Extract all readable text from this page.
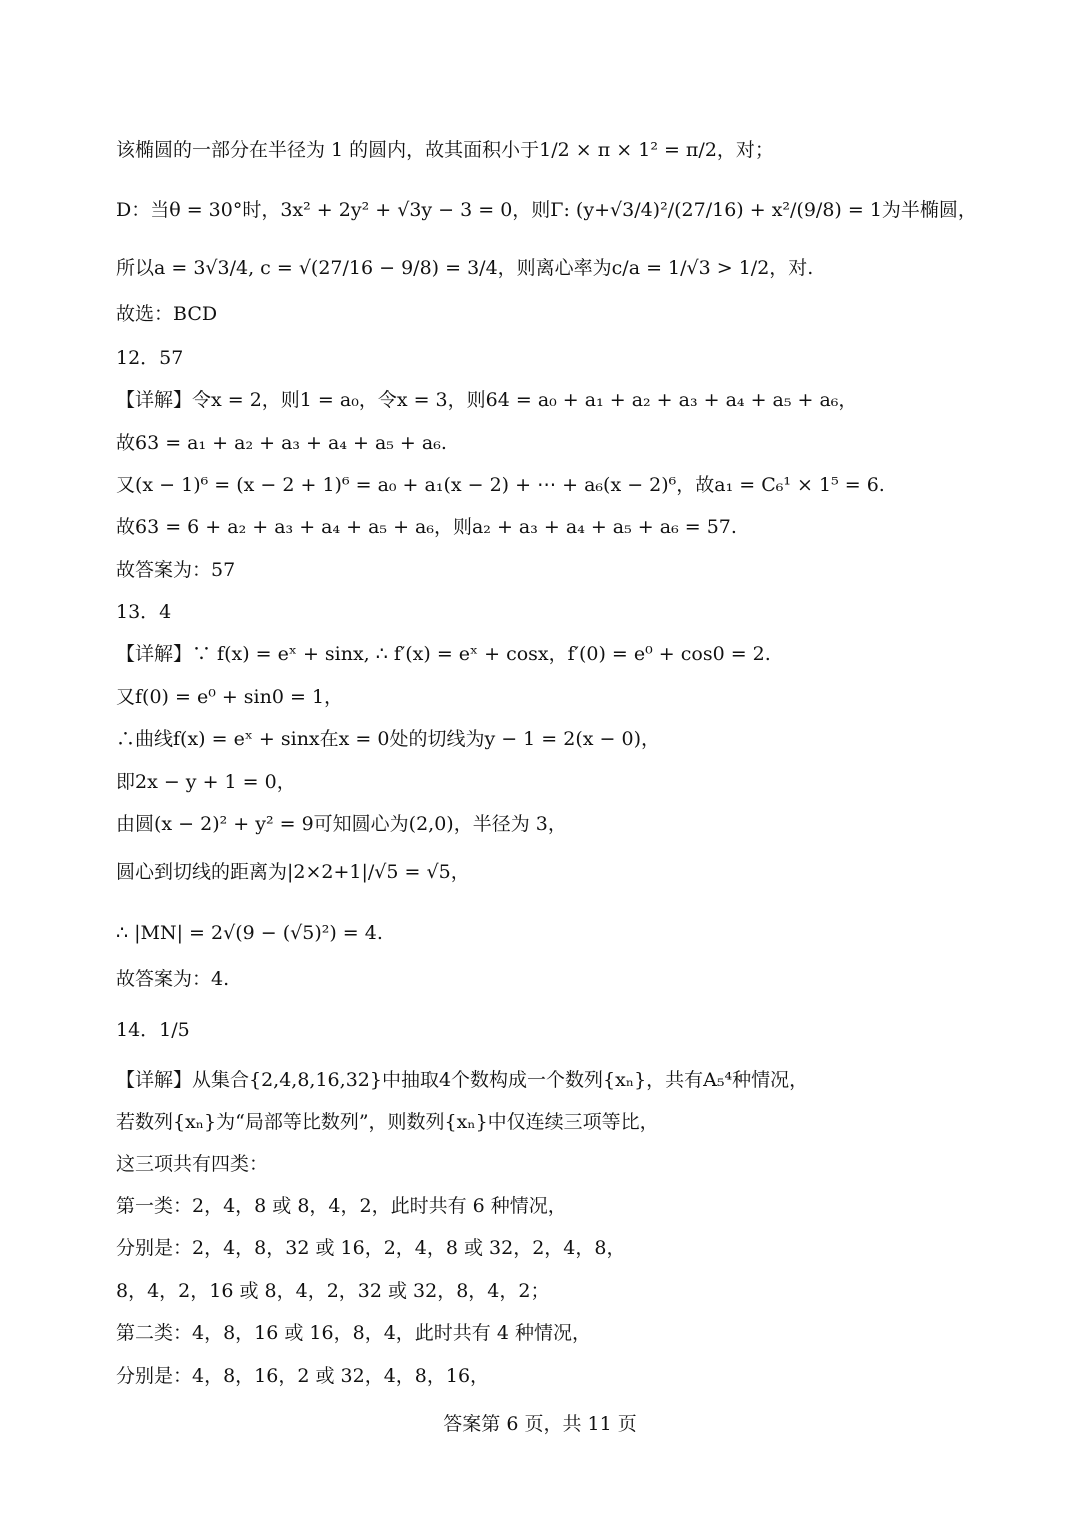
该椭圆的一部分在半径为 1 的圆内，故其面积小于1/2 × π × 1² = π/2，对；
D：当θ = 30°时，3x² + 2y² + √3y − 3 = 0，则Γ: (y+√3/4)²/(27/16) + x²/(9/8) = 1为半椭圆，
所以a = 3√3/4, c = √(27/16 − 9/8) = 3/4，则离心率为c/a = 1/√3 > 1/2，对.
故选：BCD
12．57
【详解】令x = 2，则1 = a₀，令x = 3，则64 = a₀ + a₁ + a₂ + a₃ + a₄ + a₅ + a₆，
故63 = a₁ + a₂ + a₃ + a₄ + a₅ + a₆.
又(x − 1)⁶ = (x − 2 + 1)⁶ = a₀ + a₁(x − 2) + ⋯ + a₆(x − 2)⁶，故a₁ = C₆¹ × 1⁵ = 6.
故63 = 6 + a₂ + a₃ + a₄ + a₅ + a₆，则a₂ + a₃ + a₄ + a₅ + a₆ = 57.
故答案为：57
13．4
【详解】∵ f(x) = eˣ + sinx, ∴ f′(x) = eˣ + cosx，f′(0) = e⁰ + cos0 = 2.
又f(0) = e⁰ + sin0 = 1，
∴曲线f(x) = eˣ + sinx在x = 0处的切线为y − 1 = 2(x − 0)，
即2x − y + 1 = 0，
由圆(x − 2)² + y² = 9可知圆心为(2,0)，半径为 3，
圆心到切线的距离为|2×2+1|/√5 = √5，
∴ |MN| = 2√(9 − (√5)²) = 4.
故答案为：4.
14．1/5
【详解】从集合{2,4,8,16,32}中抽取4个数构成一个数列{xₙ}，共有A₅⁴种情况，
若数列{xₙ}为“局部等比数列”，则数列{xₙ}中仅连续三项等比，
这三项共有四类：
第一类：2，4，8 或 8，4，2，此时共有 6 种情况，
分别是：2，4，8，32 或 16，2，4，8 或 32，2，4，8，
8，4，2，16 或 8，4，2，32 或 32，8，4，2；
第二类：4，8，16 或 16，8，4，此时共有 4 种情况，
分别是：4，8，16，2 或 32，4，8，16，
答案第 6 页，共 11 页
